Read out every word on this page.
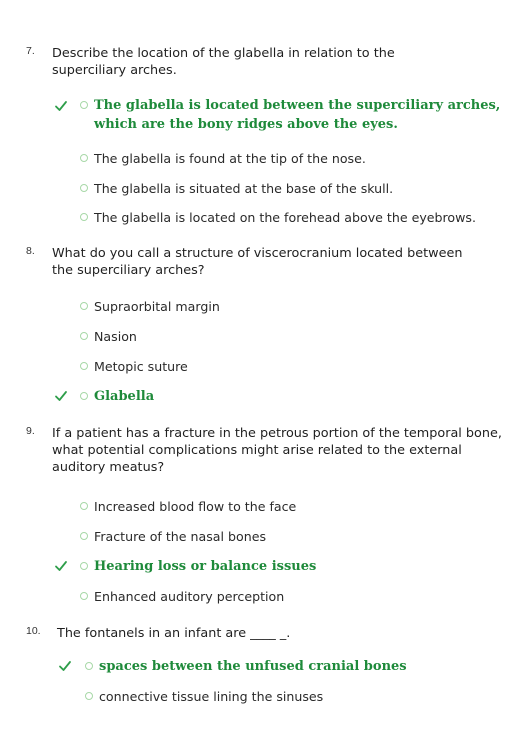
7. Describe the location of the glabella in relation to the superciliary arches.
The glabella is located between the superciliary arches, which are the bony ridges above the eyes.
The glabella is found at the tip of the nose.
The glabella is situated at the base of the skull.
The glabella is located on the forehead above the eyebrows.
8. What do you call a structure of viscerocranium located between the superciliary arches?
Supraorbital margin
Nasion
Metopic suture
Glabella
9. If a patient has a fracture in the petrous portion of the temporal bone, what potential complications might arise related to the external auditory meatus?
Increased blood flow to the face
Fracture of the nasal bones
Hearing loss or balance issues
Enhanced auditory perception
10. The fontanels in an infant are ____ _.
spaces between the unfused cranial bones
connective tissue lining the sinuses
